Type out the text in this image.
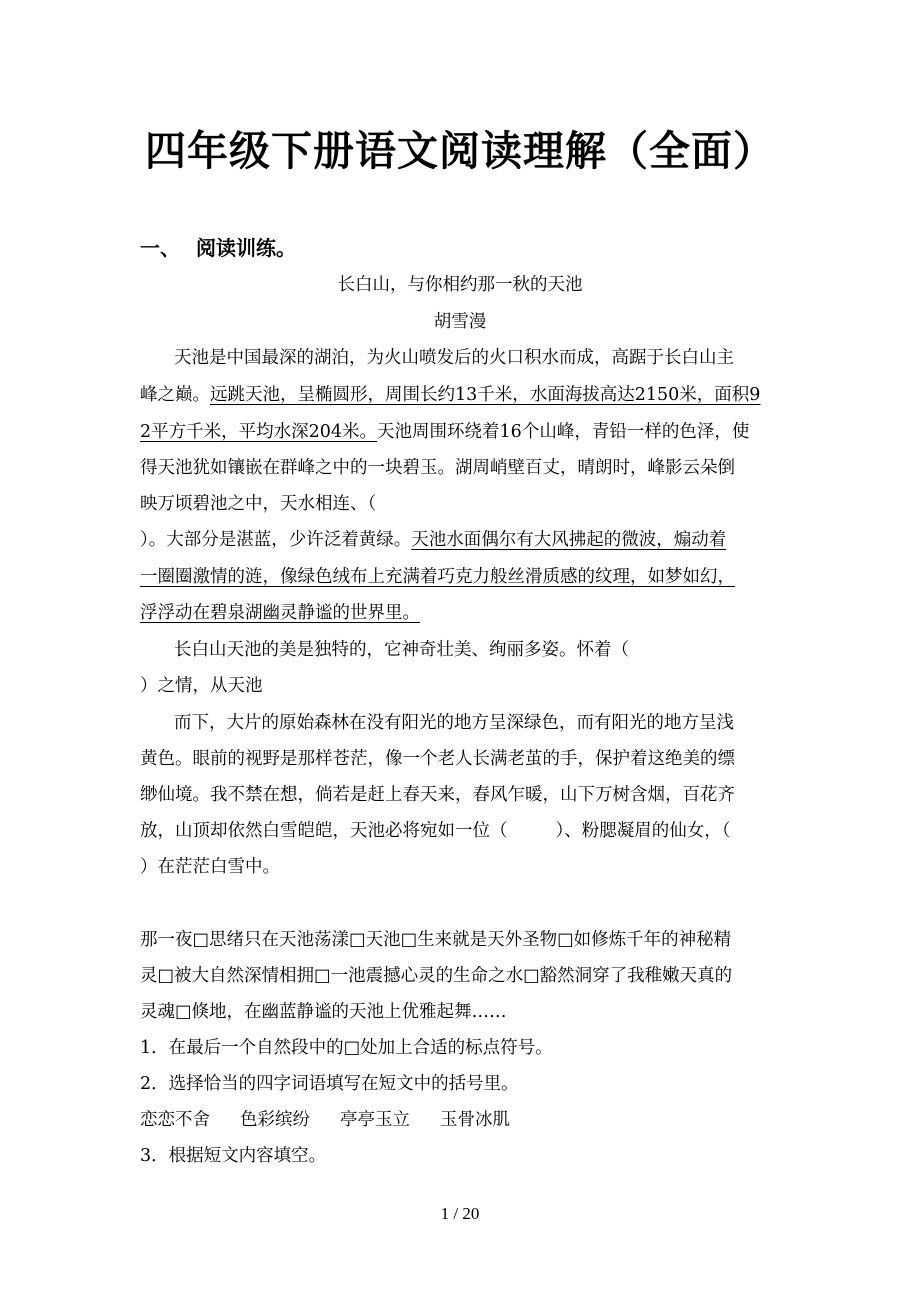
四年级下册语文阅读理解（全面）
一、 阅读训练。
长白山，与你相约那一秋的天池
胡雪漫
天池是中国最深的湖泊，为火山喷发后的火口积水而成，高踞于长白山主
峰之巅。远跳天池，呈椭圆形，周围长约13千米，水面海拔高达2150米，面积9
2平方千米，平均水深204米。天池周围环绕着16个山峰，青铅一样的色泽，使
得天池犹如镶嵌在群峰之中的一块碧玉。湖周峭壁百丈，晴朗时，峰影云朵倒
映万顷碧池之中，天水相连、（
）。大部分是湛蓝，少许泛着黄绿。天池水面偶尔有大风拂起的微波，煽动着
一圈圈激情的涟，像绿色绒布上充满着巧克力般丝滑质感的纹理，如梦如幻，
浮浮动在碧泉湖幽灵静谧的世界里。
长白山天池的美是独特的，它神奇壮美、绚丽多姿。怀着（
）之情，从天池
而下，大片的原始森林在没有阳光的地方呈深绿色，而有阳光的地方呈浅
黄色。眼前的视野是那样苍茫，像一个老人长满老茧的手，保护着这绝美的缥
缈仙境。我不禁在想，倘若是赶上春天来，春风乍暖，山下万树含烟，百花齐
放，山顶却依然白雪皑皑，天池必将宛如一位（	）、粉腮凝眉的仙女，（
）在茫茫白雪中。
那一夜□思绪只在天池荡漾□天池□生来就是天外圣物□如修炼千年的神秘精
灵□被大自然深情相拥□一池震撼心灵的生命之水□豁然洞穿了我稚嫩天真的
灵魂□倏地，在幽蓝静谧的天池上优雅起舞……
1．在最后一个自然段中的□处加上合适的标点符号。
2．选择恰当的四字词语填写在短文中的括号里。
恋恋不舍 色彩缤纷 亭亭玉立 玉骨冰肌
3．根据短文内容填空。
1 / 20
